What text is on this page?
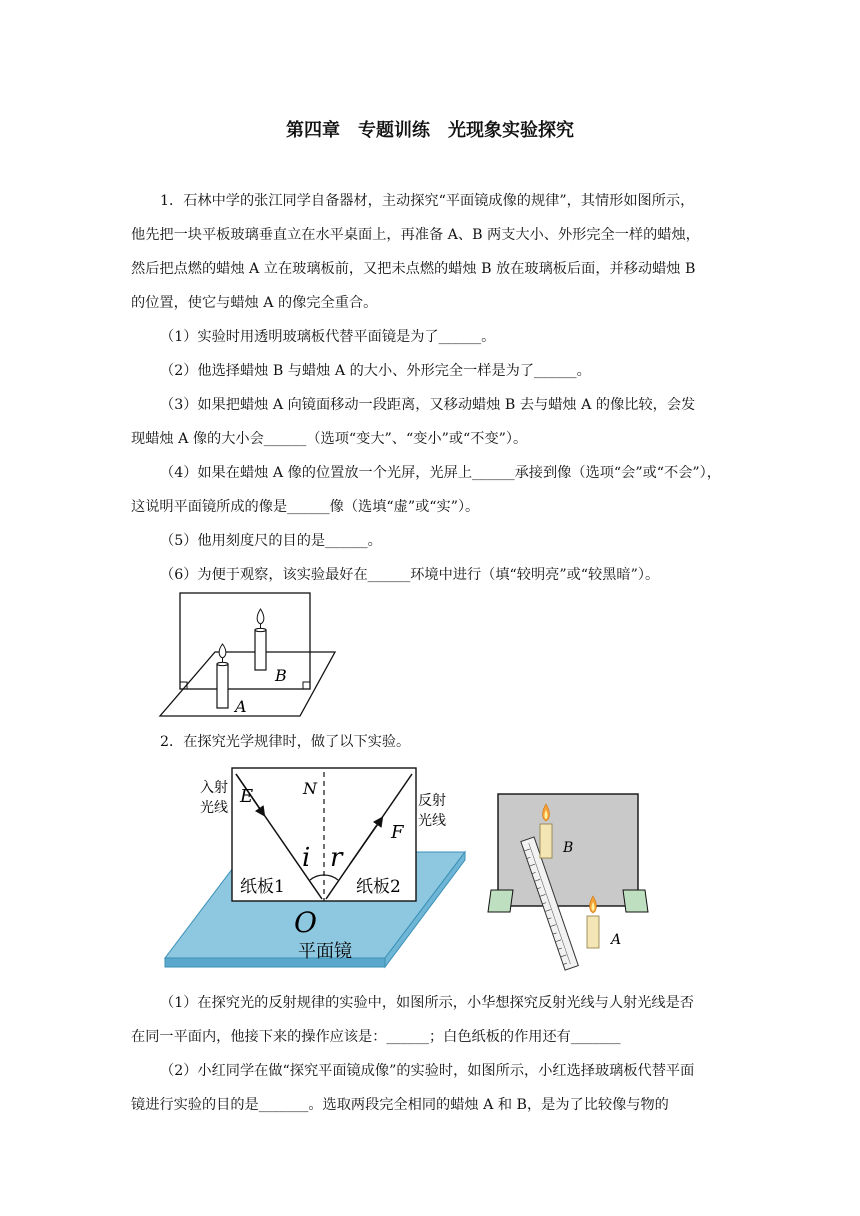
第四章　专题训练　光现象实验探究
1．石林中学的张江同学自备器材，主动探究“平面镜成像的规律”，其情形如图所示，
他先把一块平板玻璃垂直立在水平桌面上，再准备 A、B 两支大小、外形完全一样的蜡烛，
然后把点燃的蜡烛 A 立在玻璃板前，又把未点燃的蜡烛 B 放在玻璃板后面，并移动蜡烛 B
的位置，使它与蜡烛 A 的像完全重合。
（1）实验时用透明玻璃板代替平面镜是为了______。
（2）他选择蜡烛 B 与蜡烛 A 的大小、外形完全一样是为了______。
（3）如果把蜡烛 A 向镜面移动一段距离，又移动蜡烛 B 去与蜡烛 A 的像比较，会发
现蜡烛 A 像的大小会______（选项“变大”、“变小”或“不变”）。
（4）如果在蜡烛 A 像的位置放一个光屏，光屏上______承接到像（选项“会”或“不会”），
这说明平面镜所成的像是______像（选填“虚”或“实”）。
（5）他用刻度尺的目的是______。
（6）为便于观察，该实验最好在______环境中进行（填“较明亮”或“较黑暗”）。
B
A
2．在探究光学规律时，做了以下实验。
入射
光线	反射
光线
E	N
F
i r
纸板1	纸板2
O
平面镜
B
A
（1）在探究光的反射规律的实验中，如图所示，小华想探究反射光线与人射光线是否
在同一平面内，他接下来的操作应该是：______；白色纸板的作用还有_______
（2）小红同学在做“探究平面镜成像”的实验时，如图所示，小红选择玻璃板代替平面
镜进行实验的目的是_______。选取两段完全相同的蜡烛 A 和 B，是为了比较像与物的
